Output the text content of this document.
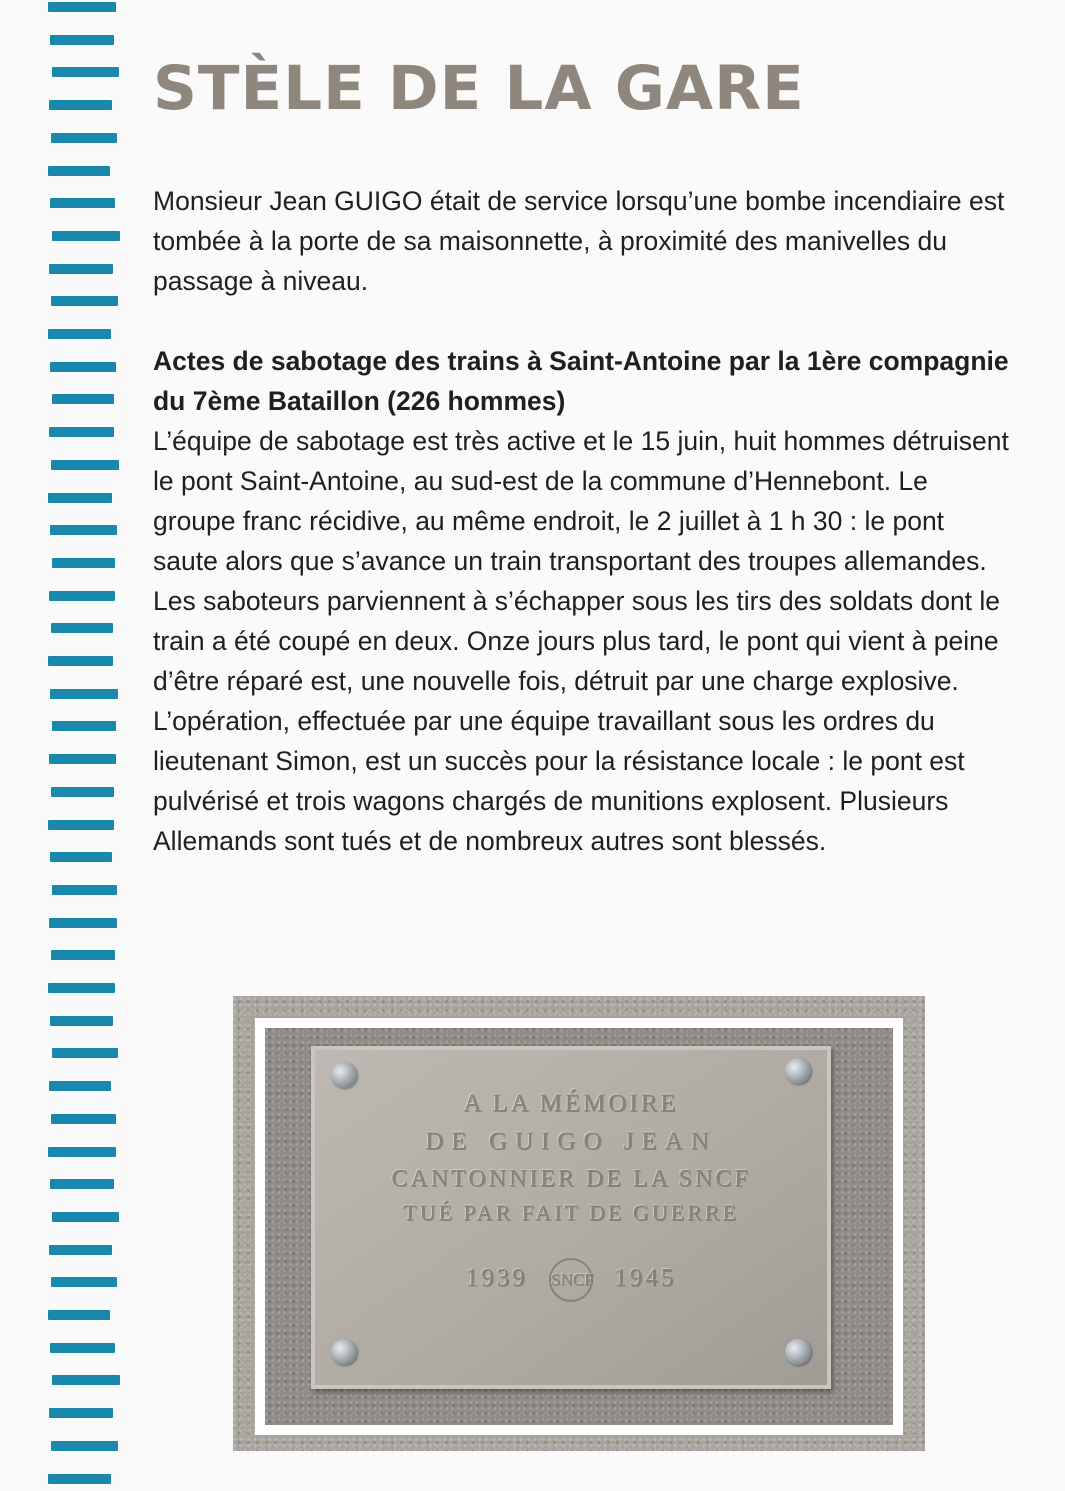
STÈLE DE LA GARE

Monsieur Jean GUIGO était de service lorsqu’une bombe incendiaire est tombée à la porte de sa maisonnette, à proximité des manivelles du passage à niveau.

Actes de sabotage des trains à Saint-Antoine par la 1ère compagnie du 7ème Bataillon (226 hommes)
L’équipe de sabotage est très active et le 15 juin, huit hommes détruisent le pont Saint-Antoine, au sud-est de la commune d’Hennebont. Le groupe franc récidive, au même endroit, le 2 juillet à 1 h 30 : le pont saute alors que s’avance un train transportant des troupes allemandes. Les saboteurs parviennent à s’échapper sous les tirs des soldats dont le train a été coupé en deux. Onze jours plus tard, le pont qui vient à peine d’être réparé est, une nouvelle fois, détruit par une charge explosive. L’opération, effectuée par une équipe travaillant sous les ordres du lieutenant Simon, est un succès pour la résistance locale : le pont est pulvérisé et trois wagons chargés de munitions explosent. Plusieurs Allemands sont tués et de nombreux autres sont blessés.
A LA MÉMOIRE
DE GUIGO JEAN
CANTONNIER DE LA SNCF
TUÉ PAR FAIT DE GUERRE
1939 SNCF 1945
